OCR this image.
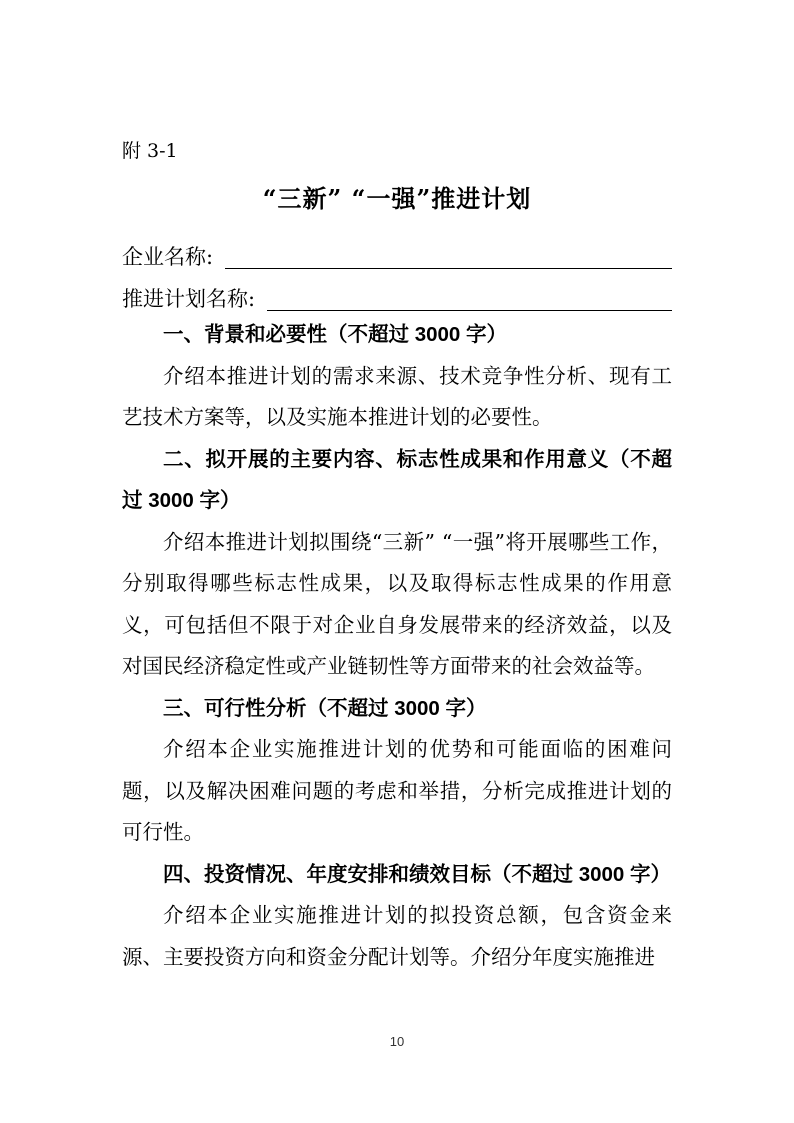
附 3-1
“三新” “一强”推进计划
企业名称:
推进计划名称:
一、背景和必要性（不超过 3000 字）

介绍本推进计划的需求来源、技术竞争性分析、现有工艺技术方案等，以及实施本推进计划的必要性。

二、拟开展的主要内容、标志性成果和作用意义（不超过 3000 字）

介绍本推进计划拟围绕“三新” “一强”将开展哪些工作，分别取得哪些标志性成果，以及取得标志性成果的作用意义，可包括但不限于对企业自身发展带来的经济效益，以及对国民经济稳定性或产业链韧性等方面带来的社会效益等。

三、可行性分析（不超过 3000 字）

介绍本企业实施推进计划的优势和可能面临的困难问题，以及解决困难问题的考虑和举措，分析完成推进计划的可行性。

四、投资情况、年度安排和绩效目标（不超过 3000 字）

介绍本企业实施推进计划的拟投资总额，包含资金来源、主要投资方向和资金分配计划等。介绍分年度实施推进

10
